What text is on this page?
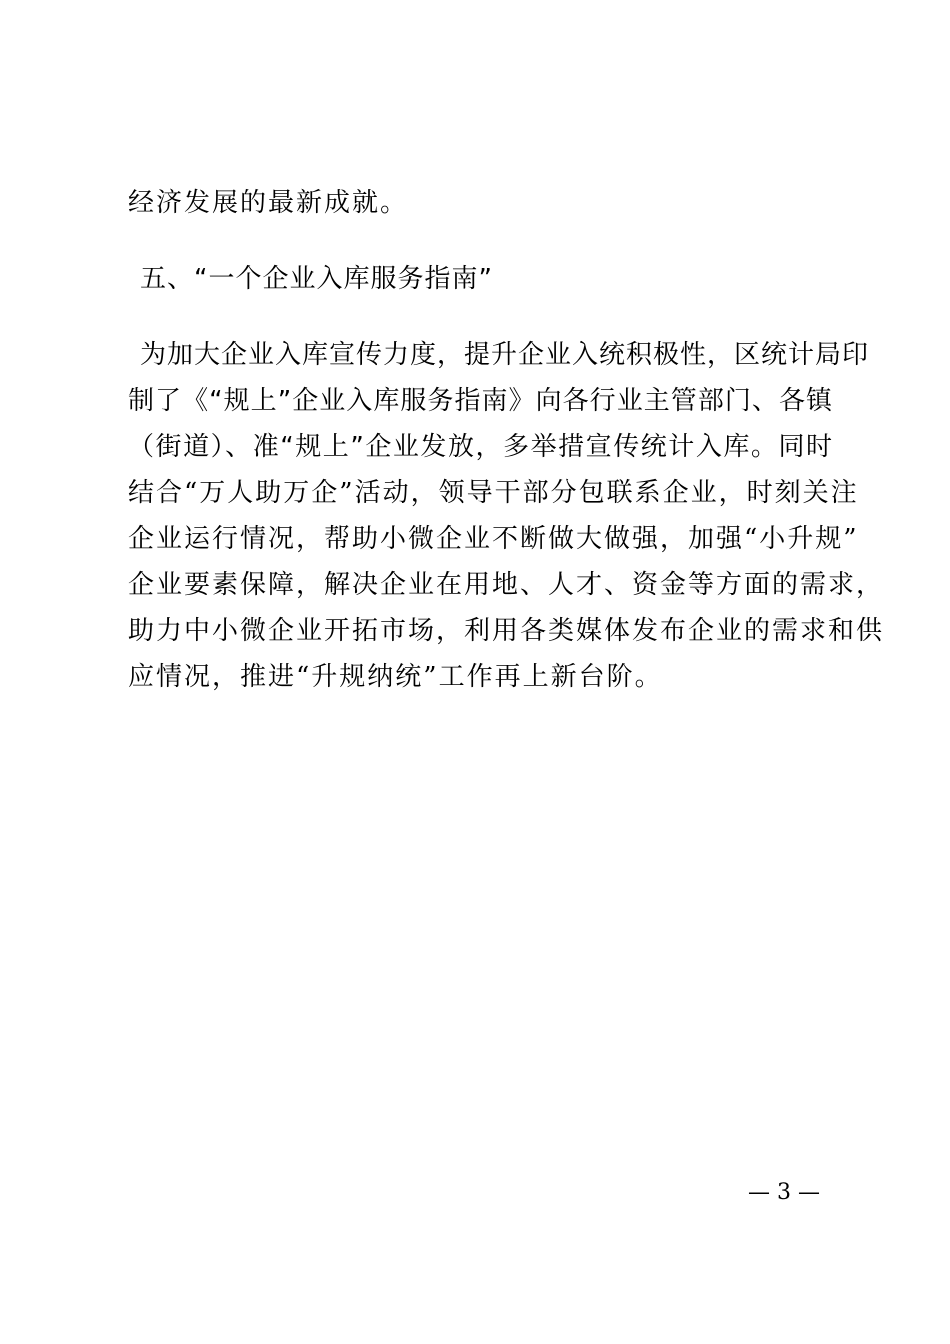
经济发展的最新成就。
五、“一个企业入库服务指南”
为加大企业入库宣传力度，提升企业入统积极性，区统计局印
制了《“规上”企业入库服务指南》向各行业主管部门、各镇
（街道）、准“规上”企业发放，多举措宣传统计入库。同时
结合“万人助万企”活动，领导干部分包联系企业，时刻关注
企业运行情况，帮助小微企业不断做大做强，加强“小升规”
企业要素保障，解决企业在用地、人才、资金等方面的需求，
助力中小微企业开拓市场，利用各类媒体发布企业的需求和供
应情况，推进“升规纳统”工作再上新台阶。
— 3 —
